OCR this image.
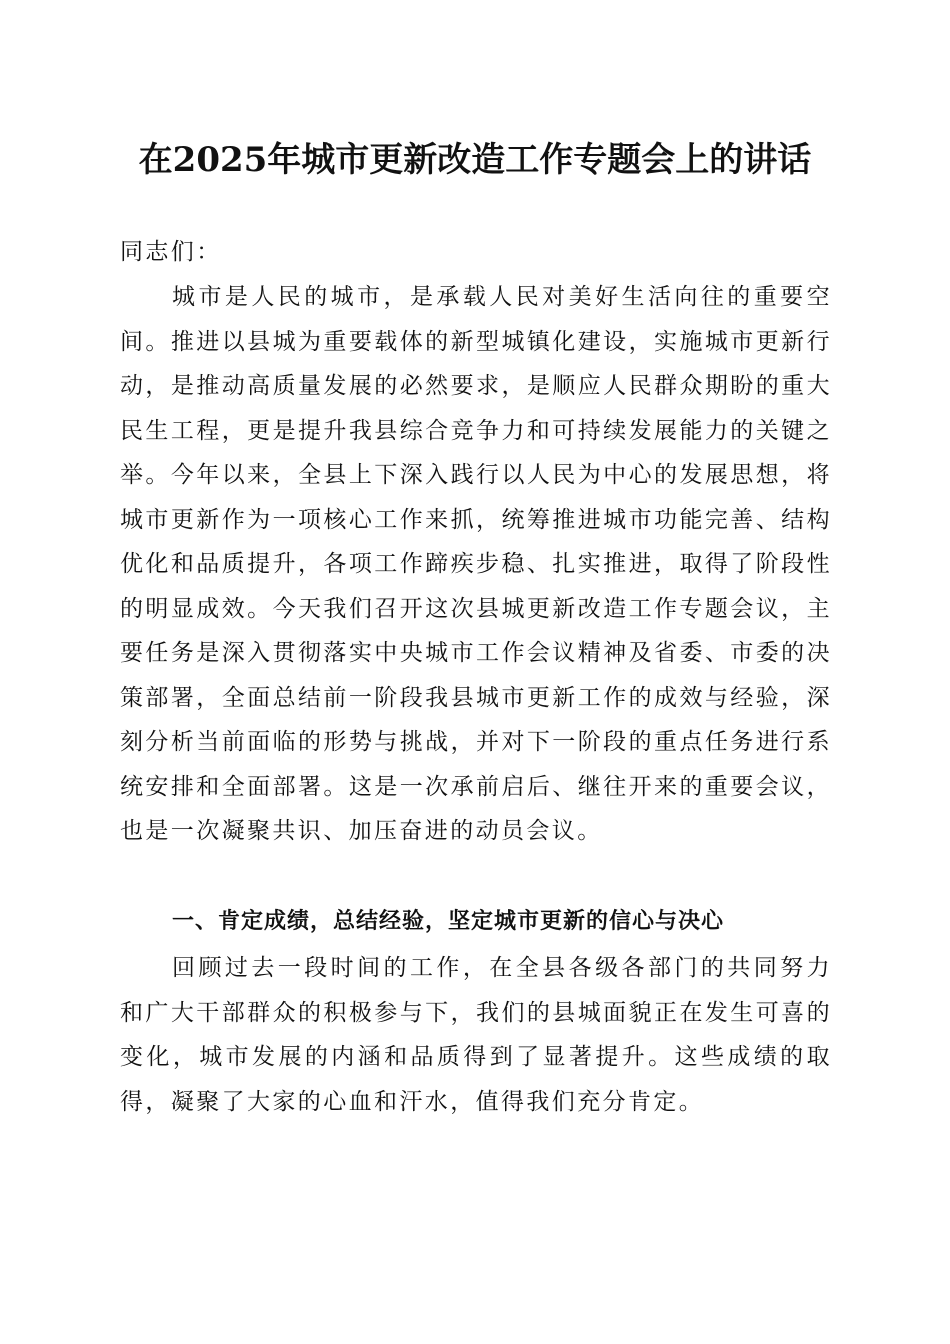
在2025年城市更新改造工作专题会上的讲话

同志们：

城市是人民的城市，是承载人民对美好生活向往的重要空间。推进以县城为重要载体的新型城镇化建设，实施城市更新行动，是推动高质量发展的必然要求，是顺应人民群众期盼的重大民生工程，更是提升我县综合竞争力和可持续发展能力的关键之举。今年以来，全县上下深入践行以人民为中心的发展思想，将城市更新作为一项核心工作来抓，统筹推进城市功能完善、结构优化和品质提升，各项工作蹄疾步稳、扎实推进，取得了阶段性的明显成效。今天我们召开这次县城更新改造工作专题会议，主要任务是深入贯彻落实中央城市工作会议精神及省委、市委的决策部署，全面总结前一阶段我县城市更新工作的成效与经验，深刻分析当前面临的形势与挑战，并对下一阶段的重点任务进行系统安排和全面部署。这是一次承前启后、继往开来的重要会议，也是一次凝聚共识、加压奋进的动员会议。

一、肯定成绩，总结经验，坚定城市更新的信心与决心

回顾过去一段时间的工作，在全县各级各部门的共同努力和广大干部群众的积极参与下，我们的县城面貌正在发生可喜的变化，城市发展的内涵和品质得到了显著提升。这些成绩的取得，凝聚了大家的心血和汗水，值得我们充分肯定。
